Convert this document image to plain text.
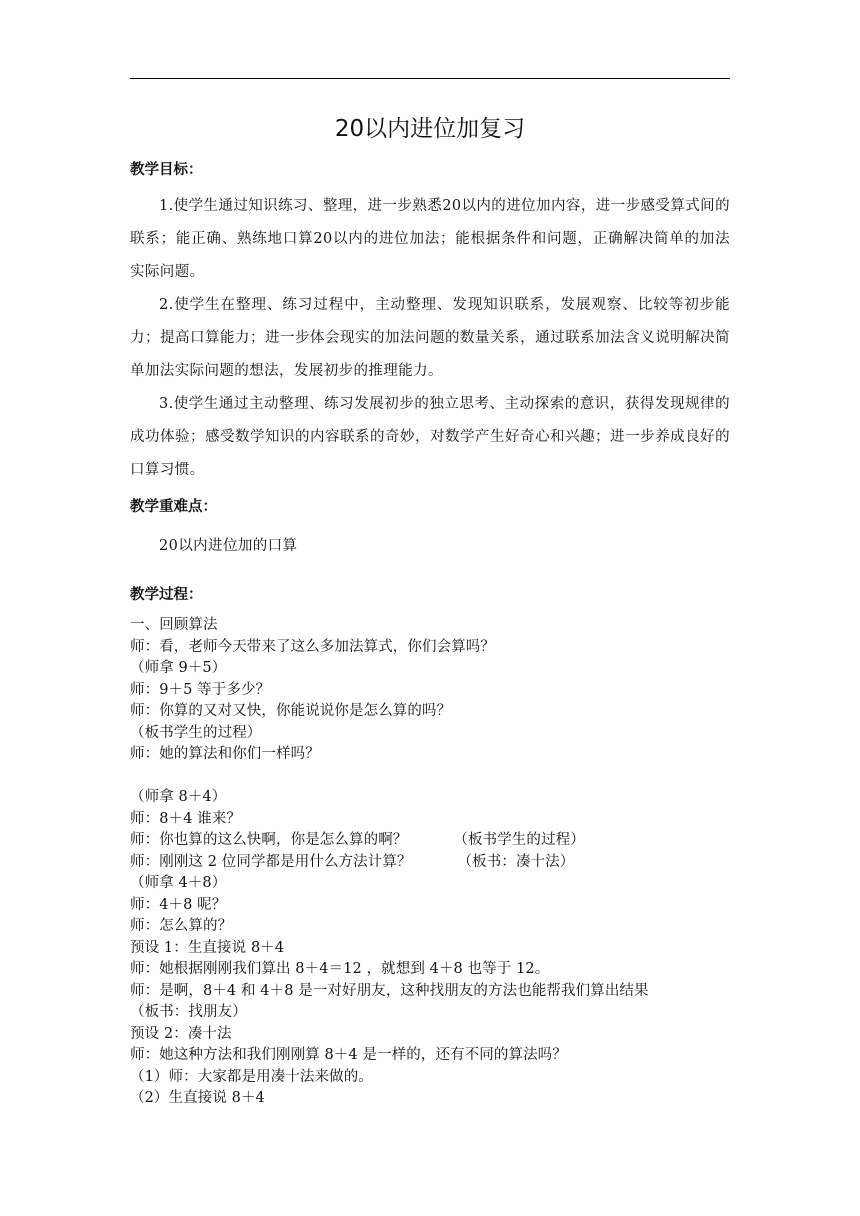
20以内进位加复习

教学目标：

1.使学生通过知识练习、整理，进一步熟悉20以内的进位加内容，进一步感受算式间的联系；能正确、熟练地口算20以内的进位加法；能根据条件和问题，正确解决简单的加法实际问题。

2.使学生在整理、练习过程中，主动整理、发现知识联系，发展观察、比较等初步能力；提高口算能力；进一步体会现实的加法问题的数量关系，通过联系加法含义说明解决简单加法实际问题的想法，发展初步的推理能力。

3.使学生通过主动整理、练习发展初步的独立思考、主动探索的意识，获得发现规律的成功体验；感受数学知识的内容联系的奇妙，对数学产生好奇心和兴趣；进一步养成良好的口算习惯。

教学重难点：

20以内进位加的口算

教学过程：

一、回顾算法

师：看，老师今天带来了这么多加法算式，你们会算吗？

（师拿 9＋5）

师：9＋5 等于多少？

师：你算的又对又快，你能说说你是怎么算的吗？

（板书学生的过程）

师：她的算法和你们一样吗？

（师拿 8＋4）

师：8＋4 谁来？

师：你也算的这么快啊，你是怎么算的啊？	（板书学生的过程）

师：刚刚这 2 位同学都是用什么方法计算？	（板书：凑十法）

（师拿 4＋8）

师：4＋8 呢？

师：怎么算的？

预设 1：生直接说 8＋4

师：她根据刚刚我们算出 8＋4＝12 ，就想到 4＋8 也等于 12。

师：是啊，8＋4 和 4＋8 是一对好朋友，这种找朋友的方法也能帮我们算出结果

（板书：找朋友）

预设 2：凑十法

师：她这种方法和我们刚刚算 8＋4 是一样的，还有不同的算法吗？

（1）师：大家都是用凑十法来做的。

（2）生直接说 8＋4
